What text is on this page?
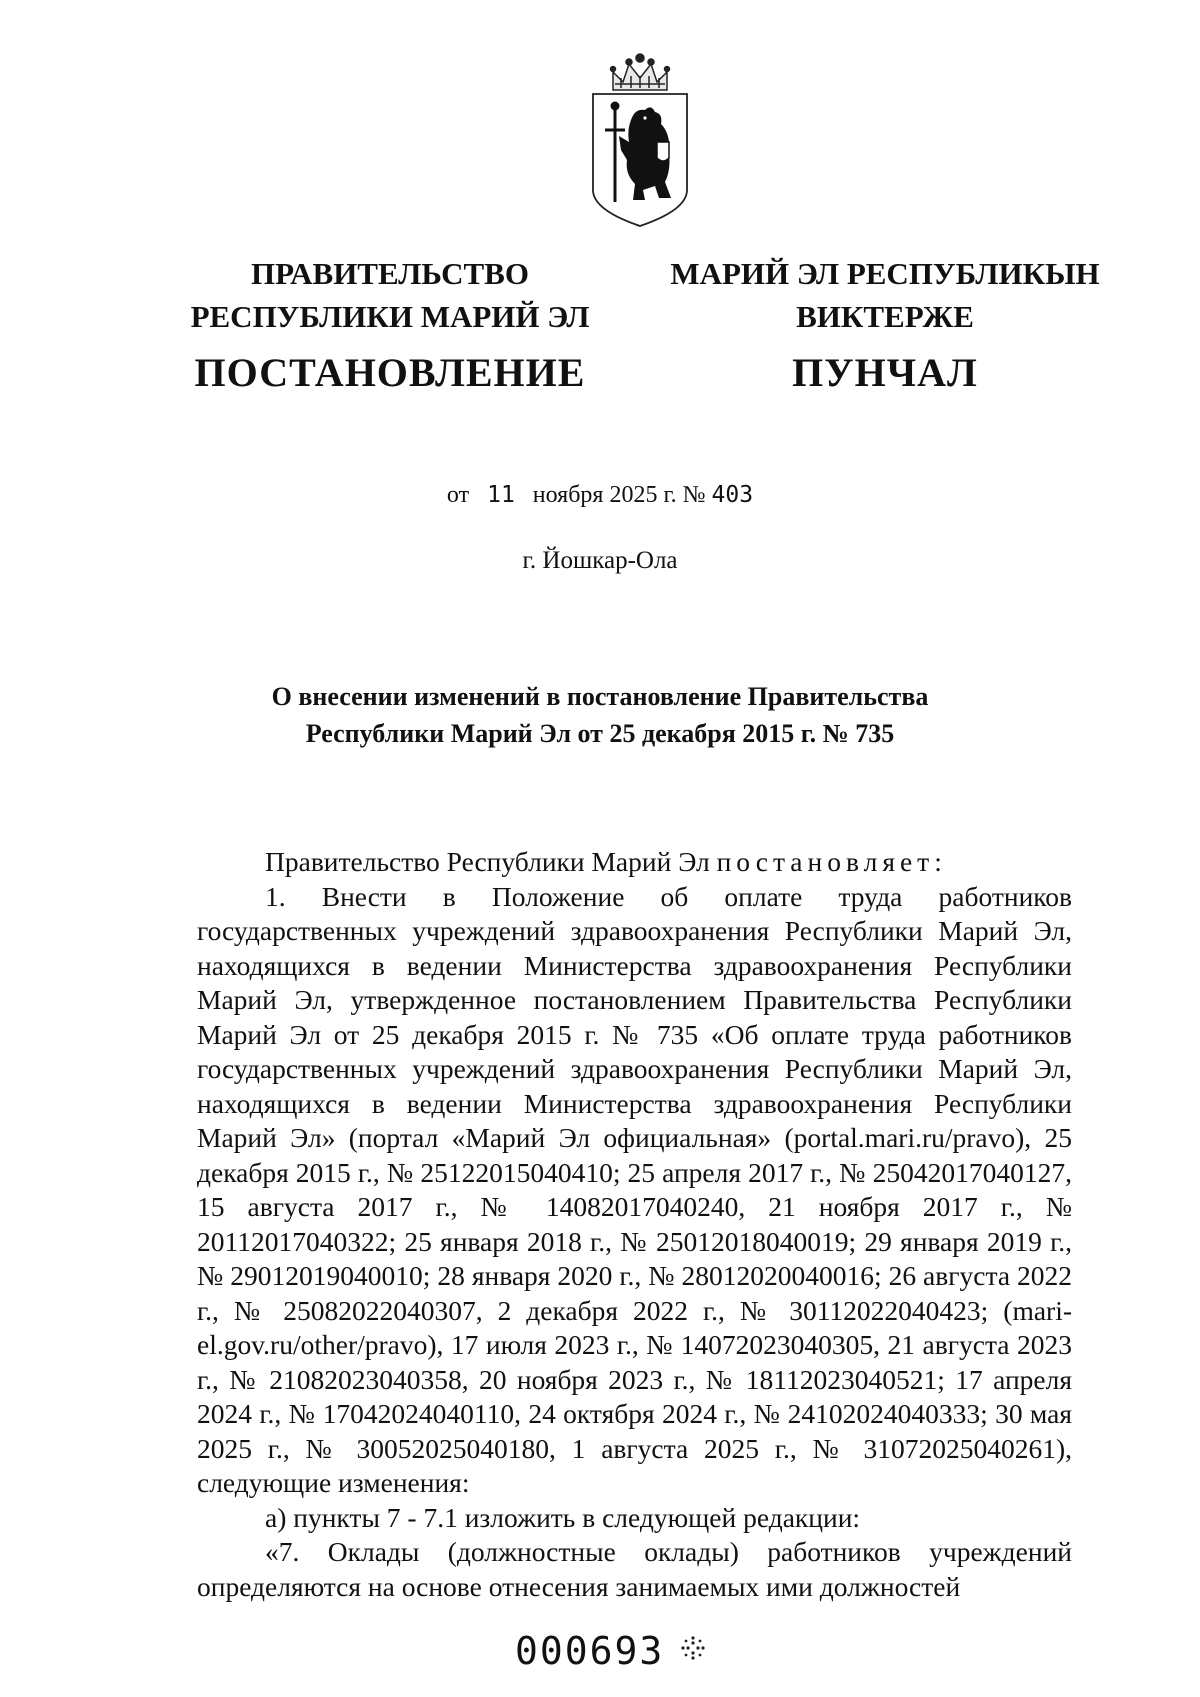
ПРАВИТЕЛЬСТВО
РЕСПУБЛИКИ МАРИЙ ЭЛ
ПОСТАНОВЛЕНИЕ
МАРИЙ ЭЛ РЕСПУБЛИКЫН
ВИКТЕРЖЕ
ПУНЧАЛ
от 11 ноября 2025 г. № 403
г. Йошкар-Ола
О внесении изменений в постановление Правительства
Республики Марий Эл от 25 декабря 2015 г. № 735

Правительство Республики Марий Эл постановляет:

1. Внести в Положение об оплате труда работников государственных учреждений здравоохранения Республики Марий Эл, находящихся в ведении Министерства здравоохранения Республики Марий Эл, утвержденное постановлением Правительства Республики Марий Эл от 25 декабря 2015 г. № 735 «Об оплате труда работников государственных учреждений здравоохранения Республики Марий Эл, находящихся в ведении Министерства здравоохранения Республики Марий Эл» (портал «Марий Эл официальная» (portal.mari.ru/pravo), 25 декабря 2015 г., № 25122015040410; 25 апреля 2017 г., № 25042017040127, 15 августа 2017 г., № 14082017040240, 21 ноября 2017 г., № 20112017040322; 25 января 2018 г., № 25012018040019; 29 января 2019 г., № 29012019040010; 28 января 2020 г., № 28012020040016; 26 августа 2022 г., № 25082022040307, 2 декабря 2022 г., № 30112022040423; (mari-el.gov.ru/other/pravo), 17 июля 2023 г., № 14072023040305, 21 августа 2023 г., № 21082023040358, 20 ноября 2023 г., № 18112023040521; 17 апреля 2024 г., № 17042024040110, 24 октября 2024 г., № 24102024040333; 30 мая 2025 г., № 30052025040180, 1 августа 2025 г., № 31072025040261), следующие изменения:

а) пункты 7 - 7.1 изложить в следующей редакции:

«7. Оклады (должностные оклады) работников учреждений определяются на основе отнесения занимаемых ими должностей

000693
